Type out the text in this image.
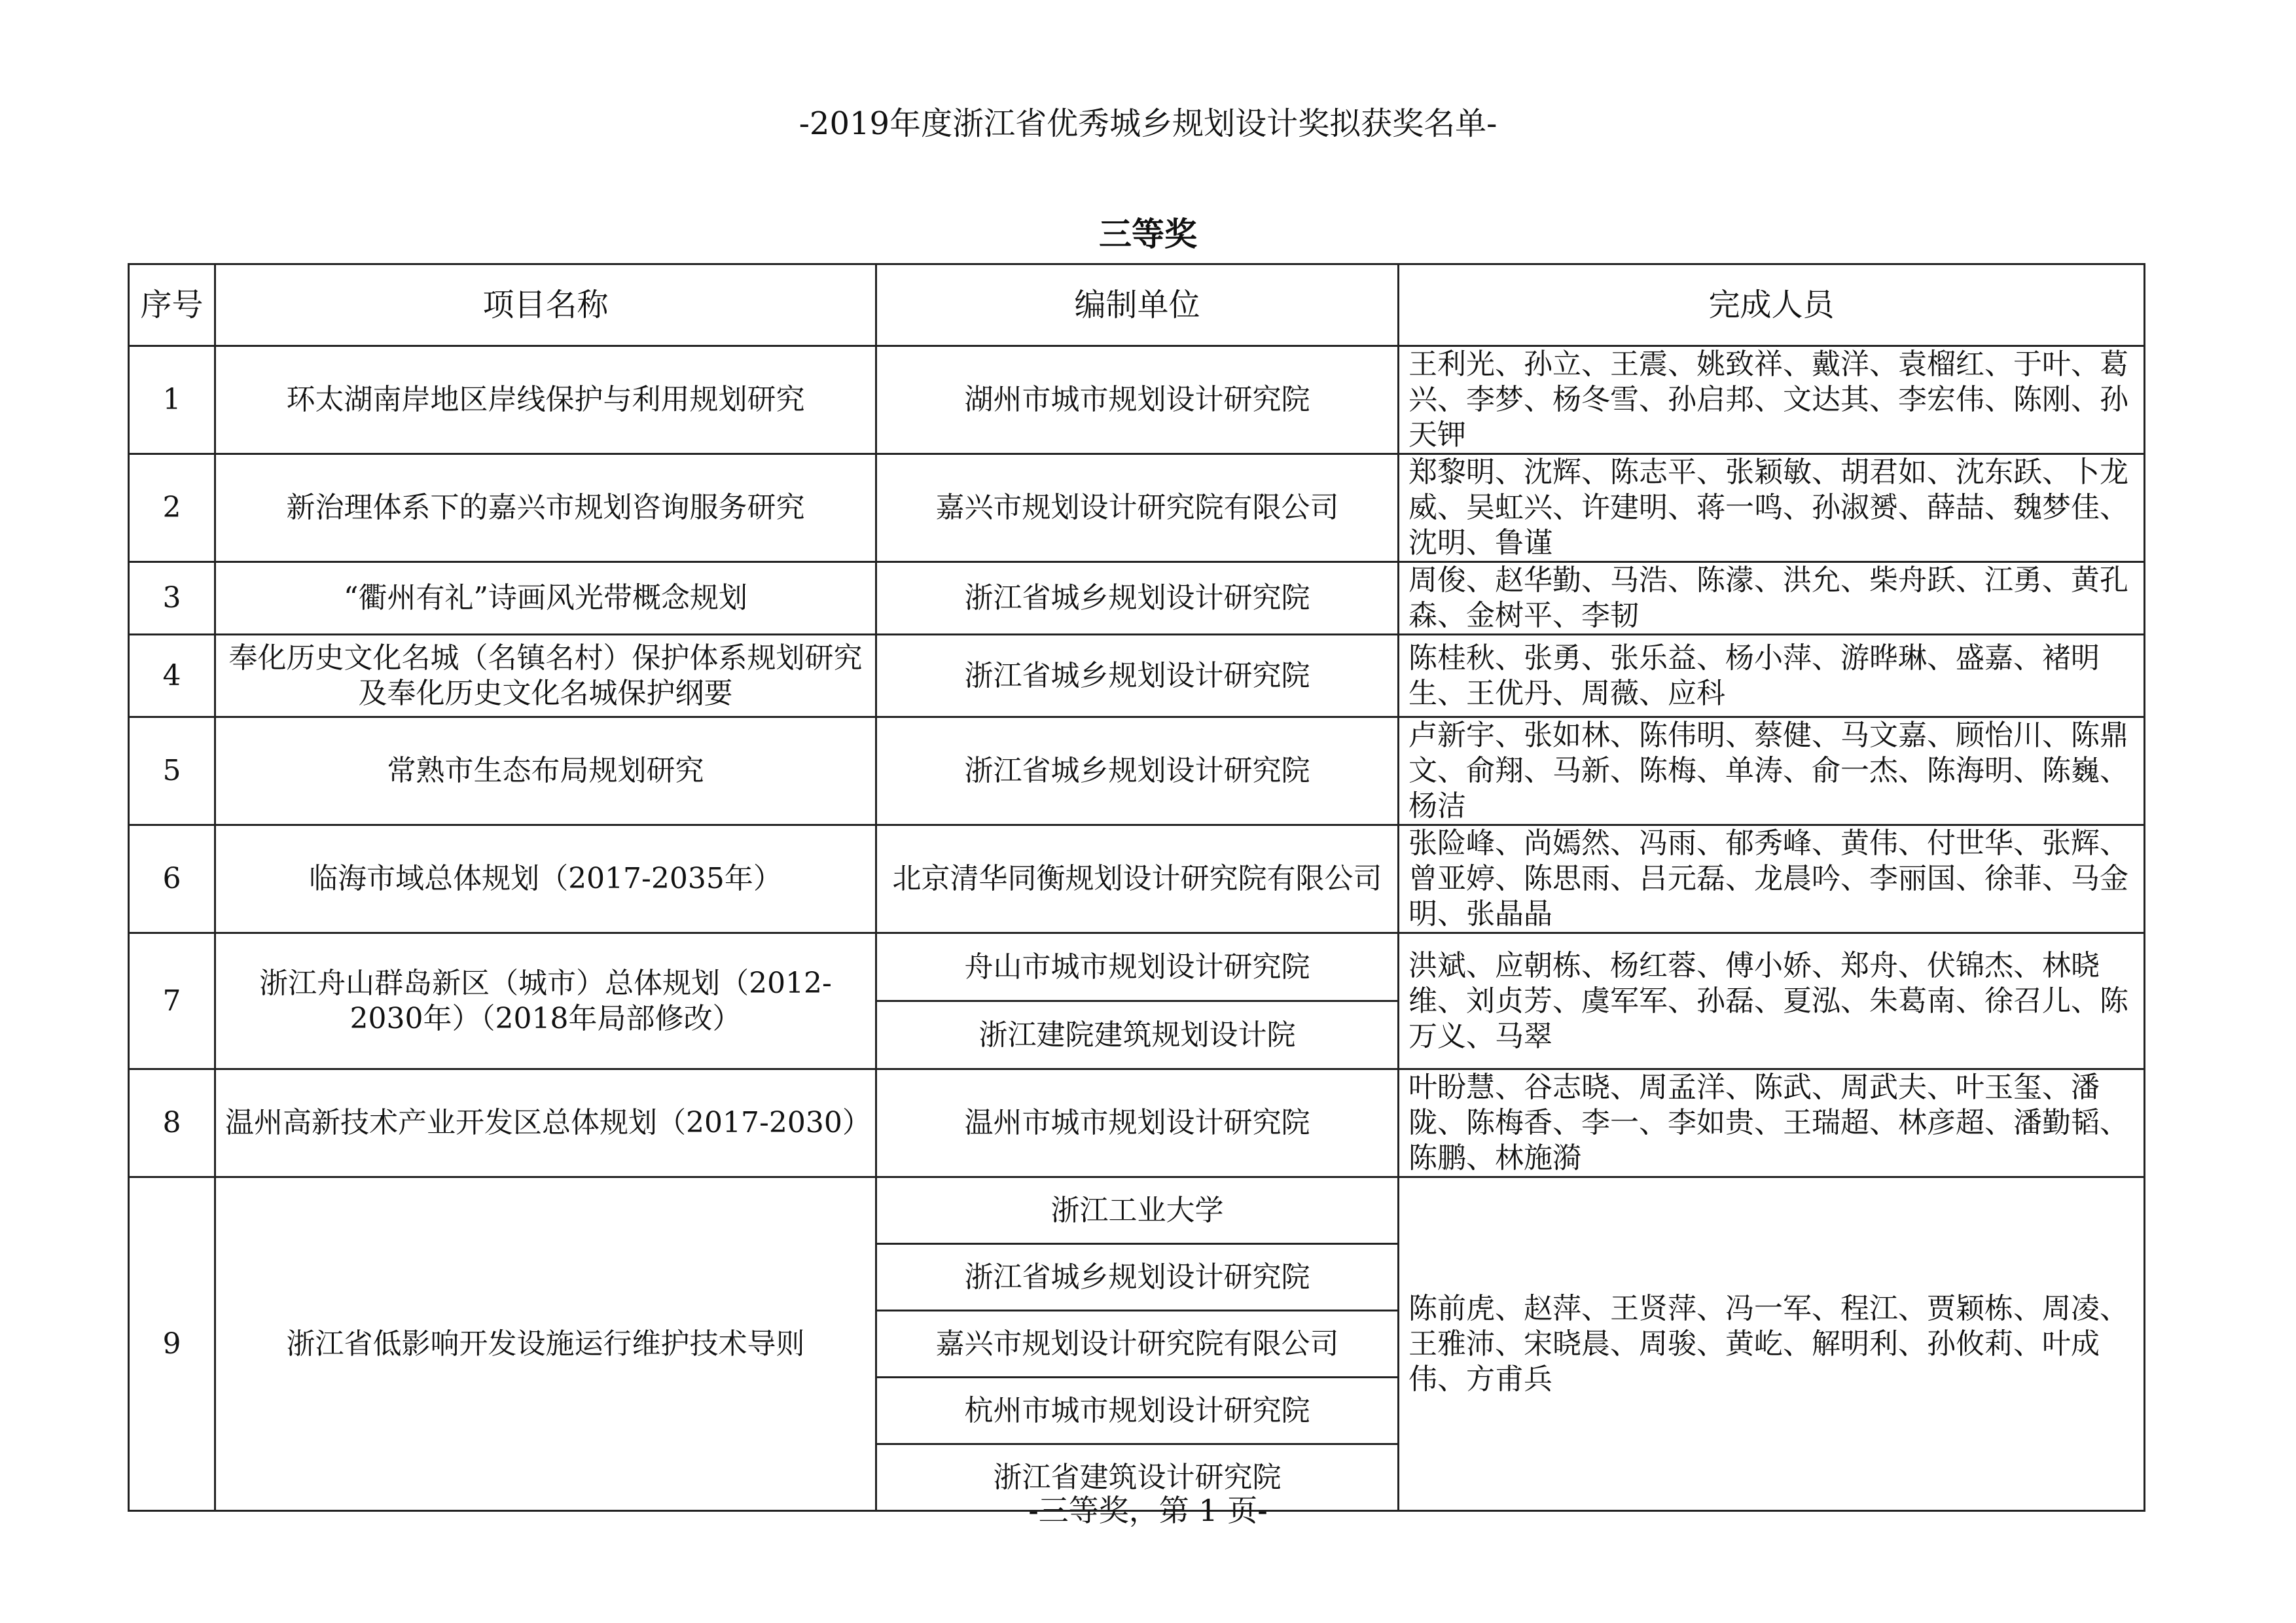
-2019年度浙江省优秀城乡规划设计奖拟获奖名单-
三等奖
序号	项目名称	编制单位	完成人员
1	环太湖南岸地区岸线保护与利用规划研究	湖州市城市规划设计研究院	王利光、孙立、王震、姚致祥、戴洋、袁榴红、于叶、葛兴、李梦、杨冬雪、孙启邦、文达其、李宏伟、陈刚、孙天钾
2	新治理体系下的嘉兴市规划咨询服务研究	嘉兴市规划设计研究院有限公司	郑黎明、沈辉、陈志平、张颖敏、胡君如、沈东跃、卜龙威、吴虹兴、许建明、蒋一鸣、孙淑赟、薛喆、魏梦佳、沈明、鲁谨
3	“衢州有礼”诗画风光带概念规划	浙江省城乡规划设计研究院	周俊、赵华勤、马浩、陈濛、洪允、柴舟跃、江勇、黄孔森、金树平、李韧
4	奉化历史文化名城（名镇名村）保护体系规划研究及奉化历史文化名城保护纲要	浙江省城乡规划设计研究院	陈桂秋、张勇、张乐益、杨小萍、游晔琳、盛嘉、褚明生、王优丹、周薇、应科
5	常熟市生态布局规划研究	浙江省城乡规划设计研究院	卢新宇、张如林、陈伟明、蔡健、马文嘉、顾怡川、陈鼎文、俞翔、马新、陈梅、单涛、俞一杰、陈海明、陈巍、杨洁
6	临海市域总体规划（2017-2035年）	北京清华同衡规划设计研究院有限公司	张险峰、尚嫣然、冯雨、郁秀峰、黄伟、付世华、张辉、曾亚婷、陈思雨、吕元磊、龙晨吟、李丽国、徐菲、马金明、张晶晶
7	浙江舟山群岛新区（城市）总体规划（2012-2030年）（2018年局部修改）	舟山市城市规划设计研究院	洪斌、应朝栋、杨红蓉、傅小娇、郑舟、伏锦杰、林晓维、刘贞芳、虞军军、孙磊、夏泓、朱葛南、徐召儿、陈万义、马翠
		浙江建院建筑规划设计院	
8	温州高新技术产业开发区总体规划（2017-2030）	温州市城市规划设计研究院	叶盼慧、谷志晓、周孟洋、陈武、周武夫、叶玉玺、潘陇、陈梅香、李一、李如贵、王瑞超、林彦超、潘勤韬、陈鹏、林施漪
9	浙江省低影响开发设施运行维护技术导则	浙江工业大学	陈前虎、赵萍、王贤萍、冯一军、程江、贾颖栋、周凌、王雅沛、宋晓晨、周骏、黄屹、解明利、孙攸莉、叶成伟、方甫兵
		浙江省城乡规划设计研究院	
		嘉兴市规划设计研究院有限公司	
		杭州市城市规划设计研究院	
		浙江省建筑设计研究院	
-三等奖，第 1 页-
